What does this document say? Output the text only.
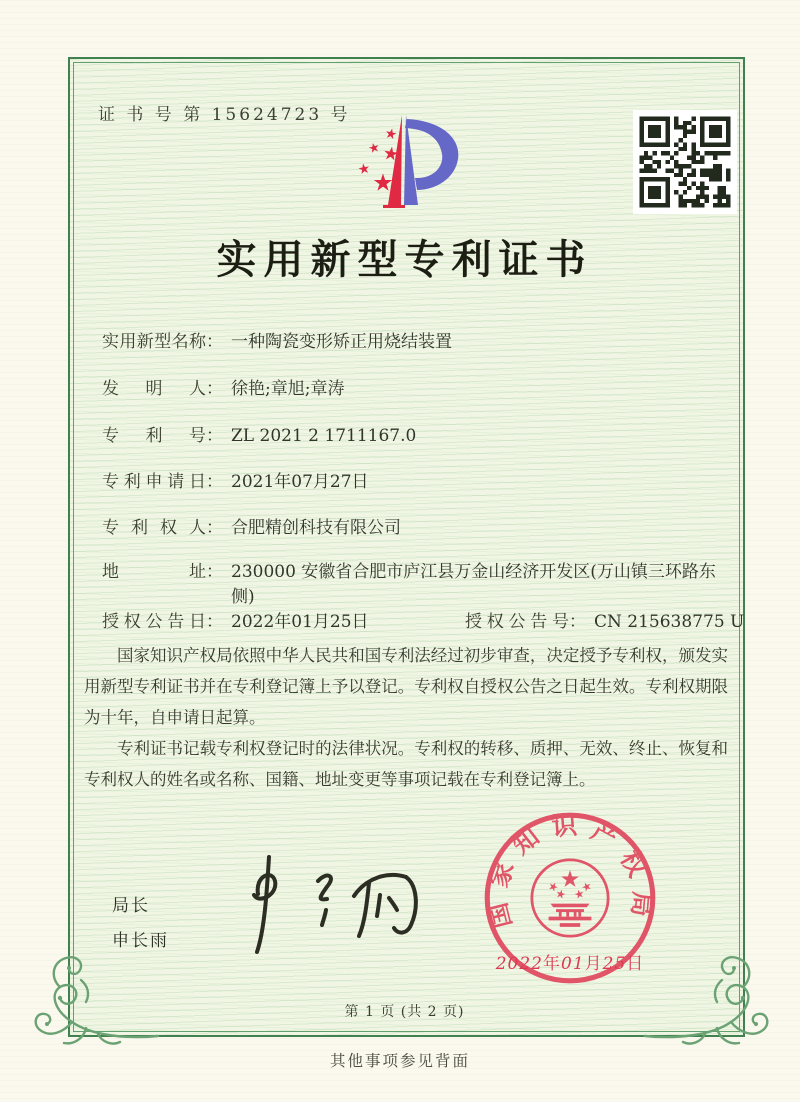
证 书 号 第 15624723 号
实用新型专利证书
实用新型名称 ： 一种陶瓷变形矫正用烧结装置
发明人 ： 徐艳;章旭;章涛
专利号 ： ZL 2021 2 1711167.0
专利申请日 ： 2021年07月27日
专利权人 ： 合肥精创科技有限公司
地址 ： 230000 安徽省合肥市庐江县万金山经济开发区(万山镇三环路东侧)
授权公告日 ： 2022年01月25日	授权公告号 ： CN 215638775 U

国家知识产权局依照中华人民共和国专利法经过初步审查，决定授予专利权，颁发实用新型专利证书并在专利登记簿上予以登记。专利权自授权公告之日起生效。专利权期限为十年，自申请日起算。

专利证书记载专利权登记时的法律状况。专利权的转移、质押、无效、终止、恢复和专利权人的姓名或名称、国籍、地址变更等事项记载在专利登记簿上。

局长
申长雨
国家知识产权局
2022年01月25日
第 1 页 (共 2 页)
其他事项参见背面
